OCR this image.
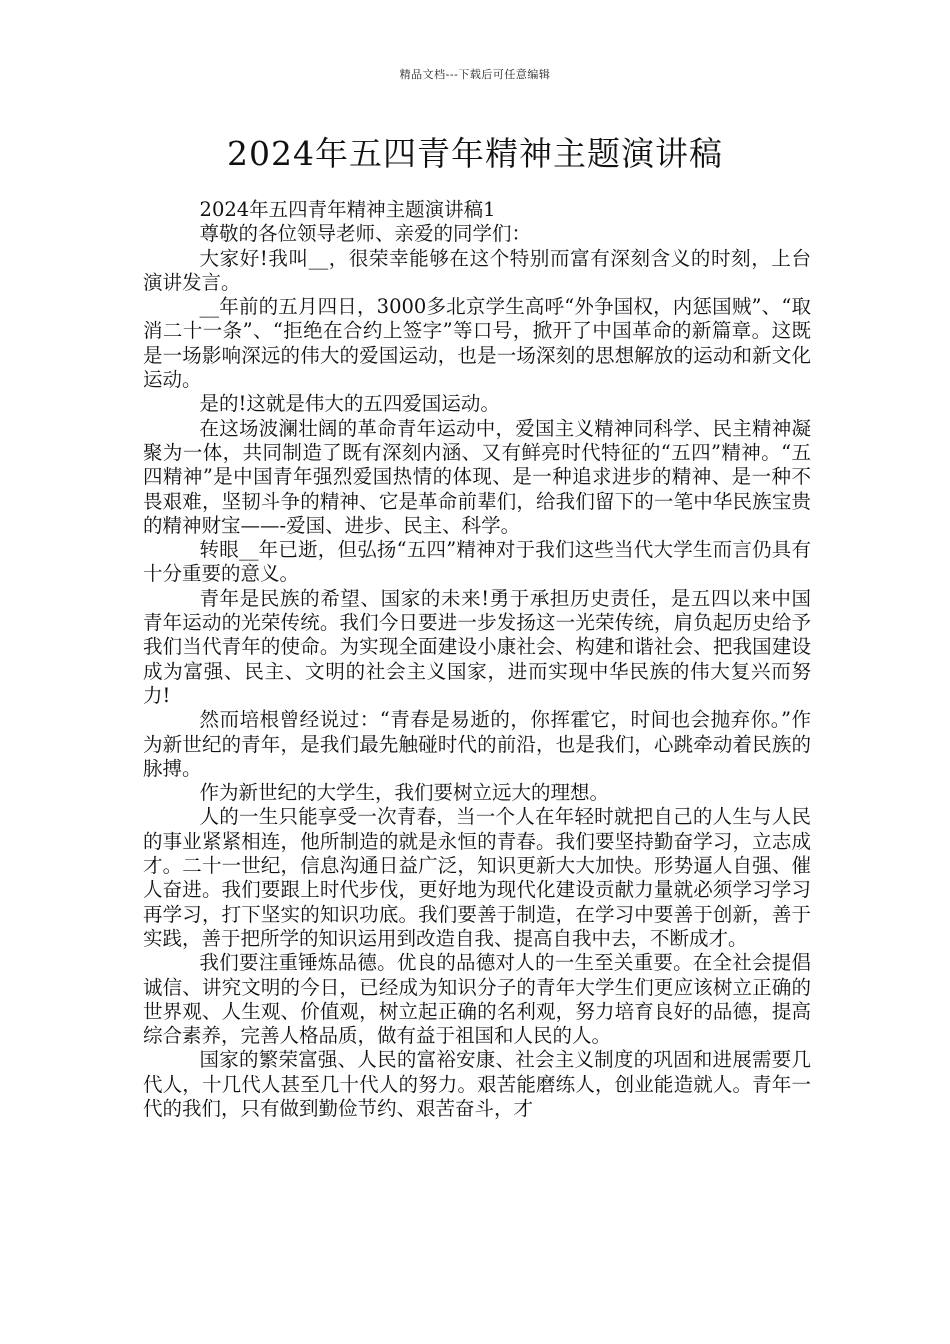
精品文档---下载后可任意编辑
2024年五四青年精神主题演讲稿

2024年五四青年精神主题演讲稿1

尊敬的各位领导老师、亲爱的同学们：

大家好!我叫__，很荣幸能够在这个特别而富有深刻含义的时刻，上台演讲发言。

__年前的五月四日，3000多北京学生高呼“外争国权，内惩国贼”、“取消二十一条”、“拒绝在合约上签字”等口号，掀开了中国革命的新篇章。这既是一场影响深远的伟大的爱国运动，也是一场深刻的思想解放的运动和新文化运动。

是的!这就是伟大的五四爱国运动。

在这场波澜壮阔的革命青年运动中，爱国主义精神同科学、民主精神凝聚为一体，共同制造了既有深刻内涵、又有鲜亮时代特征的“五四”精神。“五四精神”是中国青年强烈爱国热情的体现、是一种追求进步的精神、是一种不畏艰难，坚韧斗争的精神、它是革命前辈们，给我们留下的一笔中华民族宝贵的精神财宝——-爱国、进步、民主、科学。

转眼__年已逝，但弘扬“五四”精神对于我们这些当代大学生而言仍具有十分重要的意义。

青年是民族的希望、国家的未来!勇于承担历史责任，是五四以来中国青年运动的光荣传统。我们今日要进一步发扬这一光荣传统，肩负起历史给予我们当代青年的使命。为实现全面建设小康社会、构建和谐社会、把我国建设成为富强、民主、文明的社会主义国家，进而实现中华民族的伟大复兴而努力!

然而培根曾经说过：“青春是易逝的，你挥霍它，时间也会抛弃你。”作为新世纪的青年，是我们最先触碰时代的前沿，也是我们，心跳牵动着民族的脉搏。

作为新世纪的大学生，我们要树立远大的理想。

人的一生只能享受一次青春，当一个人在年轻时就把自己的人生与人民的事业紧紧相连，他所制造的就是永恒的青春。我们要坚持勤奋学习，立志成才。二十一世纪，信息沟通日益广泛，知识更新大大加快。形势逼人自强、催人奋进。我们要跟上时代步伐，更好地为现代化建设贡献力量就必须学习学习再学习，打下坚实的知识功底。我们要善于制造，在学习中要善于创新，善于实践，善于把所学的知识运用到改造自我、提高自我中去，不断成才。

我们要注重锤炼品德。优良的品德对人的一生至关重要。在全社会提倡诚信、讲究文明的今日，已经成为知识分子的青年大学生们更应该树立正确的世界观、人生观、价值观，树立起正确的名利观，努力培育良好的品德，提高综合素养，完善人格品质，做有益于祖国和人民的人。

国家的繁荣富强、人民的富裕安康、社会主义制度的巩固和进展需要几代人，十几代人甚至几十代人的努力。艰苦能磨练人，创业能造就人。青年一代的我们，只有做到勤俭节约、艰苦奋斗，才
